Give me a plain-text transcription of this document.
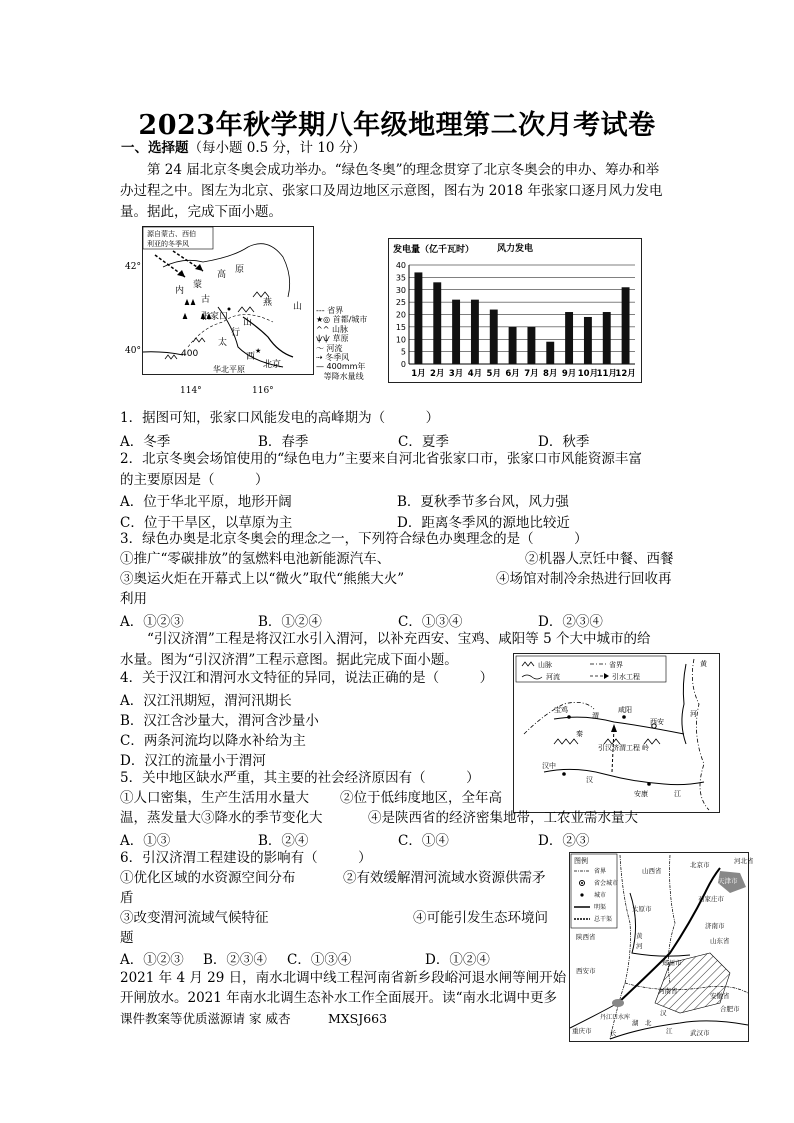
2023年秋学期八年级地理第二次月考试卷
一、选择题（每小题 0.5 分，计 10 分）
第 24 届北京冬奥会成功举办。“绿色冬奥”的理念贯穿了北京冬奥会的申办、筹办和举
办过程之中。图左为北京、张家口及周边地区示意图，图右为 2018 年张家口逐月风力发电
量。据此，完成下面小题。
源自蒙古、西伯
利亚的冬季风
内
蒙
古
高 原
燕 山
太
行
山
张家口
★
北京
西
华北平原
400
42°
40°
114°	116°
--- 省界
★◎ 首都/城市
^^ 山脉
ѱѱ 草原
～ 河流
⇢ 冬季风
— 400mm年
等降水量线
发电量（亿千瓦时）	风力发电
0
5
10
15
20
25
30
35
40
1月 2月 3月 4月 5月 6月 7月 8月 9月 10月
11月
12月
1．据图可知，张家口风能发电的高峰期为（　　　）
A．冬季	B．春季	C．夏季	D．秋季
2．北京冬奥会场馆使用的“绿色电力”主要来自河北省张家口市，张家口市风能资源丰富
的主要原因是（　　　）
A．位于华北平原，地形开阔	B．夏秋季节多台风，风力强
C．位于干旱区，以草原为主	D．距离冬季风的源地比较近
3．绿色办奥是北京冬奥会的理念之一，下列符合绿色办奥理念的是（　　　）
①推广“零碳排放”的氢燃料电池新能源汽车、	②机器人烹饪中餐、西餐
③奥运火炬在开幕式上以“微火”取代“熊熊大火”	④场馆对制冷余热进行回收再
利用
A．①②③	B．①②④	C．①③④	D．②③④
“引汉济渭”工程是将汉江水引入渭河，以补充西安、宝鸡、咸阳等 5 个大中城市的给
水量。图为“引汉济渭”工程示意图。据此完成下面小题。	山脉	省界
河流	引水工程
黄
河
宝鸡
渭
咸阳
西安
秦
岭
引汉济渭工程
汉中
汉
安康	江
4．关于汉江和渭河水文特征的异同，说法正确的是（　　　）
A．汉江汛期短，渭河汛期长
B．汉江含沙量大，渭河含沙量小
C．两条河流均以降水补给为主
D．汉江的流量小于渭河
5．关中地区缺水严重，其主要的社会经济原因有（　　　）
①人口密集，生产生活用水量大 ②位于低纬度地区，全年高
温，蒸发量大③降水的季节变化大	④是陕西省的经济密集地带，工农业需水量大
A．①③	B．②④	C．①④	D．②③
6．引汉济渭工程建设的影响有（　　　）
①优化区域的水资源空间分布	②有效缓解渭河流域水资源供需矛
盾
③改变渭河流域气候特征	④可能引发生态环境问
题
A．①②③ B．②③④ C．①③④	D．①②④
2021 年 4 月 29 日，南水北调中线工程河南省新乡段峪河退水闸等闸开始
开闸放水。2021 年南水北调生态补水工作全面展开。读“南水北调中更多
课件教案等优质滋源请 家 威杏　　　MXSJ663
图例
省界
省会城市
城市
明渠
总干渠
北京市
天津市
山西省
河北省
石家庄市
太原市
陕西省	黄
河
山东省
济南市
郑州市
河南省
西安市
安徽省
合肥市
丹江口水库
湖 北
汉
江
长
重庆市	武汉市
